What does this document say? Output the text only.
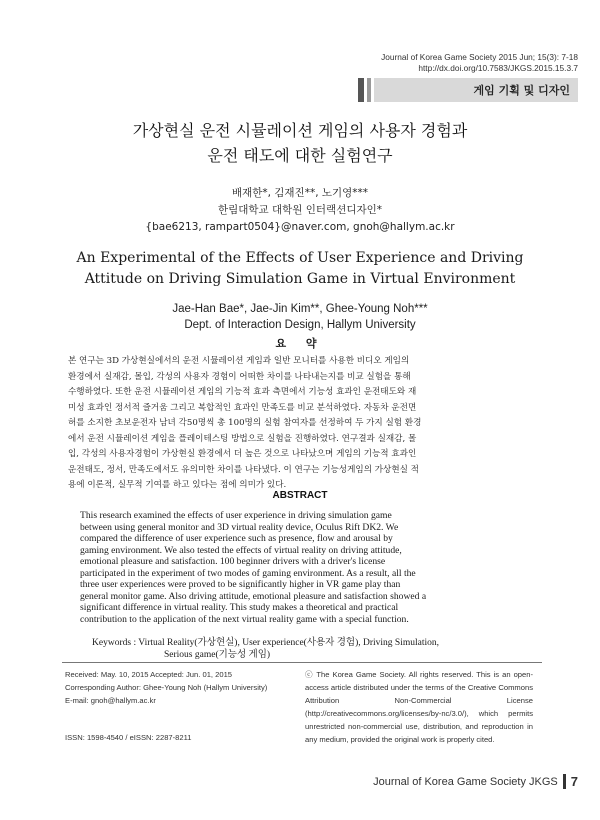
Journal of Korea Game Society 2015 Jun; 15(3): 7-18
http://dx.doi.org/10.7583/JKGS.2015.15.3.7
게임 기획 및 디자인
가상현실 운전 시뮬레이션 게임의 사용자 경험과
운전 태도에 대한 실험연구
배재한*, 김재진**, 노기영***
한림대학교 대학원 인터랙션디자인*
{bae6213, rampart0504}@naver.com, gnoh@hallym.ac.kr
An Experimental of the Effects of User Experience and Driving
Attitude on Driving Simulation Game in Virtual Environment
Jae-Han Bae*, Jae-Jin Kim**, Ghee-Young Noh***
Dept. of Interaction Design, Hallym University
요 약
본 연구는 3D 가상현실에서의 운전 시뮬레이션 게임과 일반 모니터를 사용한 비디오 게임의
환경에서 실재감, 몰입, 각성의 사용자 경험이 어떠한 차이를 나타내는지를 비교 실험을 통해
수행하였다. 또한 운전 시뮬레이션 게임의 기능적 효과 측면에서 기능성 효과인 운전태도와 재
미성 효과인 정서적 즐거움 그리고 복합적인 효과인 만족도를 비교 분석하였다. 자동차 운전면
허를 소지한 초보운전자 남녀 각50명씩 총 100명의 실험 참여자를 선정하여 두 가지 실험 환경
에서 운전 시뮬레이션 게임을 플레이테스팅 방법으로 실험을 진행하였다. 연구결과 실재감, 몰
입, 각성의 사용자경험이 가상현실 환경에서 더 높은 것으로 나타났으며 게임의 기능적 효과인
운전태도, 정서, 만족도에서도 유의미한 차이를 나타냈다. 이 연구는 기능성게임의 가상현실 적
용에 이론적, 실무적 기여를 하고 있다는 점에 의미가 있다.
ABSTRACT
This research examined the effects of user experience in driving simulation game
between using general monitor and 3D virtual reality device, Oculus Rift DK2. We
compared the difference of user experience such as presence, flow and arousal by
gaming environment. We also tested the effects of virtual reality on driving attitude,
emotional pleasure and satisfaction. 100 beginner drivers with a driver's license
participated in the experiment of two modes of gaming environment. As a result, all the
three user experiences were proved to be significantly higher in VR game play than
general monitor game. Also driving attitude, emotional pleasure and satisfaction showed a
significant difference in virtual reality. This study makes a theoretical and practical
contribution to the application of the next virtual reality game with a special function.
Keywords : Virtual Reality(가상현실), User experience(사용자 경험), Driving Simulation,
Serious game(기능성 게임)
Received: May. 10, 2015 Accepted: Jun. 01, 2015
Corresponding Author: Ghee-Young Noh (Hallym University)
E-mail: gnoh@hallym.ac.kr
ISSN: 1598-4540 / eISSN: 2287-8211
ⓒ The Korea Game Society. All rights reserved. This is an open-access article distributed under the terms of the Creative Commons Attribution Non-Commercial License (http://creativecommons.org/licenses/by-nc/3.0/), which permits unrestricted non-commercial use, distribution, and reproduction in any medium, provided the original work is properly cited.
Journal of Korea Game Society JKGS 7
